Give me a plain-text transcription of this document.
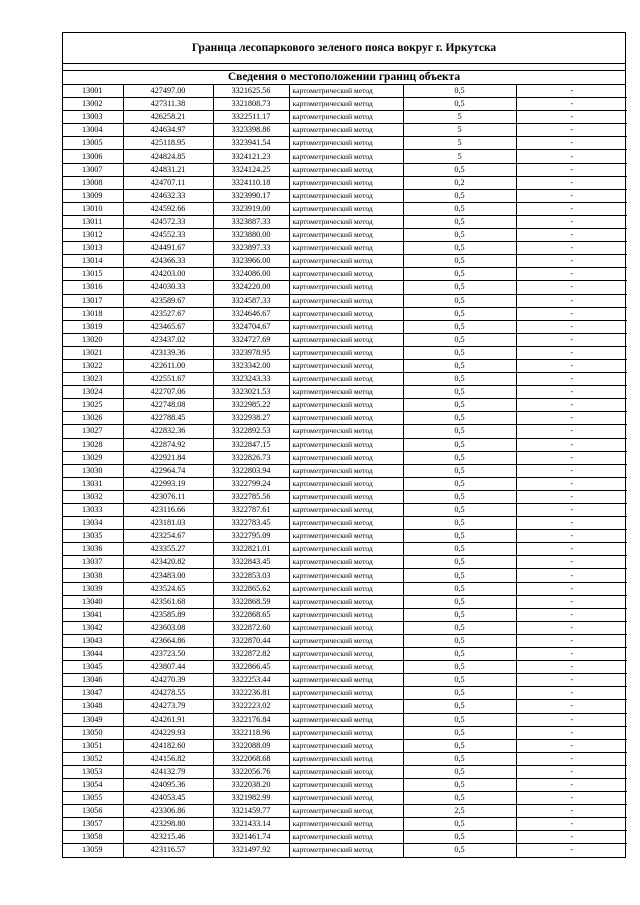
Граница лесопаркового зеленого пояса вокруг г. Иркутска
Сведения о местоположении границ объекта
13001	427497.00	3321625.56	картометрический метод	0,5	-
13002	427311.38	3321808.73	картометрический метод	0,5	-
13003	426258.21	3322511.17	картометрический метод	5	-
13004	424634.97	3323398.86	картометрический метод	5	-
13005	425118.95	3323941.54	картометрический метод	5	-
13006	424824.85	3324121.23	картометрический метод	5	-
13007	424831.21	3324124.25	картометрический метод	0,5	-
13008	424707.11	3324110.18	картометрический метод	0,2	-
13009	424632.33	3323990.17	картометрический метод	0,5	-
13010	424592.66	3323919.00	картометрический метод	0,5	-
13011	424572.33	3323887.33	картометрический метод	0,5	-
13012	424552.33	3323880.00	картометрический метод	0,5	-
13013	424491.67	3323897.33	картометрический метод	0,5	-
13014	424366.33	3323966.00	картометрический метод	0,5	-
13015	424203.00	3324086.00	картометрический метод	0,5	-
13016	424030.33	3324220.00	картометрический метод	0,5	-
13017	423589.67	3324587.33	картометрический метод	0,5	-
13018	423527.67	3324646.67	картометрический метод	0,5	-
13019	423465.67	3324704.67	картометрический метод	0,5	-
13020	423437.02	3324727.69	картометрический метод	0,5	-
13021	423139.36	3323978.95	картометрический метод	0,5	-
13022	422611.00	3323342.00	картометрический метод	0,5	-
13023	422551.67	3323243.33	картометрический метод	0,5	-
13024	422707.06	3323021.53	картометрический метод	0,5	-
13025	422748.08	3322985.22	картометрический метод	0,5	-
13026	422788.45	3322938.27	картометрический метод	0,5	-
13027	422832.36	3322892.53	картометрический метод	0,5	-
13028	422874.92	3322847.15	картометрический метод	0,5	-
13029	422921.84	3322826.73	картометрический метод	0,5	-
13030	422964.74	3322803.94	картометрический метод	0,5	-
13031	422993.19	3322799.24	картометрический метод	0,5	-
13032	423076.11	3322785.56	картометрический метод	0,5	-
13033	423116.66	3322787.61	картометрический метод	0,5	-
13034	423181.03	3322783.45	картометрический метод	0,5	-
13035	423254.67	3322795.09	картометрический метод	0,5	-
13036	423355.27	3322821.01	картометрический метод	0,5	-
13037	423420.82	3322843.45	картометрический метод	0,5	-
13038	423483.00	3322853.03	картометрический метод	0,5	-
13039	423524.65	3322865.62	картометрический метод	0,5	-
13040	423561.68	3322868.59	картометрический метод	0,5	-
13041	423585.89	3322868.65	картометрический метод	0,5	-
13042	423603.08	3322872.60	картометрический метод	0,5	-
13043	423664.86	3322870.44	картометрический метод	0,5	-
13044	423723.50	3322872.82	картометрический метод	0,5	-
13045	423807.44	3322866.45	картометрический метод	0,5	-
13046	424270.39	3322253.44	картометрический метод	0,5	-
13047	424278.55	3322236.81	картометрический метод	0,5	-
13048	424273.79	3322223.02	картометрический метод	0,5	-
13049	424261.91	3322176.84	картометрический метод	0,5	-
13050	424229.93	3322118.96	картометрический метод	0,5	-
13051	424182.60	3322088.09	картометрический метод	0,5	-
13052	424156.82	3322068.68	картометрический метод	0,5	-
13053	424132.79	3322056.76	картометрический метод	0,5	-
13054	424095.36	3322038.20	картометрический метод	0,5	-
13055	424053.45	3321982.99	картометрический метод	0,5	-
13056	423306.86	3321459.77	картометрический метод	2,5	-
13057	423298.80	3321433.14	картометрический метод	0,5	-
13058	423215.46	3321461.74	картометрический метод	0,5	-
13059	423116.57	3321497.92	картометрический метод	0,5	-
